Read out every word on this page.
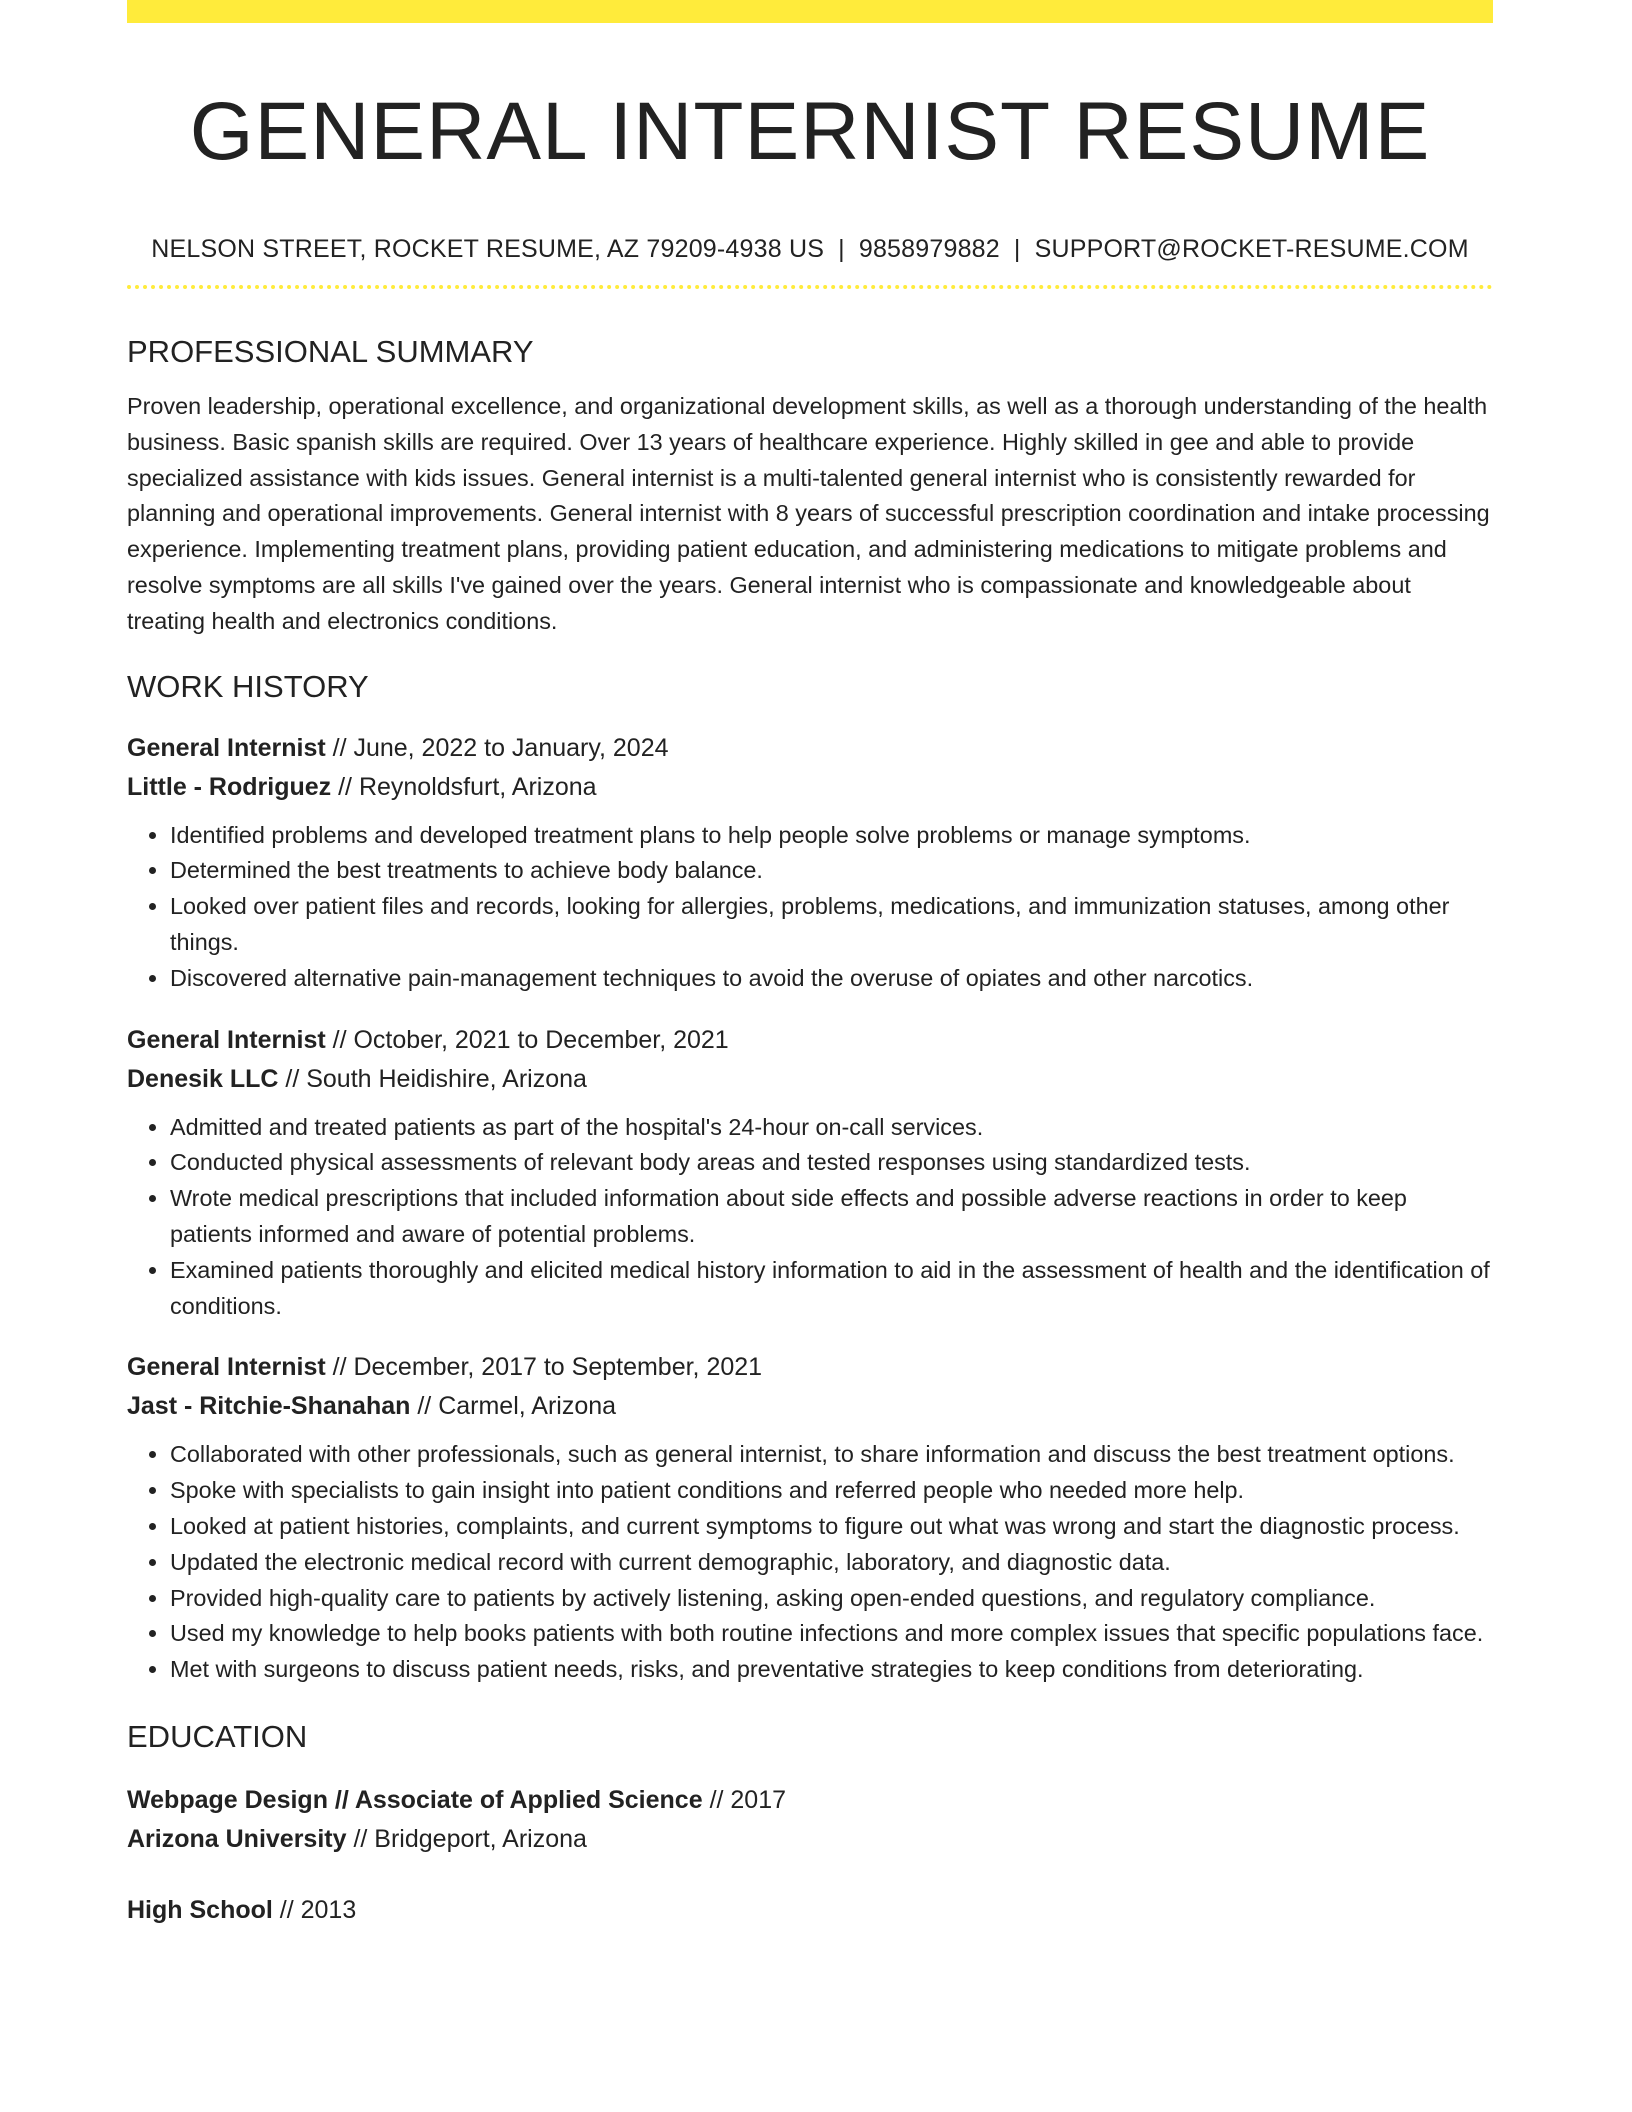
GENERAL INTERNIST RESUME
NELSON STREET, ROCKET RESUME, AZ 79209-4938 US | 9858979882 | SUPPORT@ROCKET-RESUME.COM
PROFESSIONAL SUMMARY

Proven leadership, operational excellence, and organizational development skills, as well as a thorough understanding of the health business. Basic spanish skills are required. Over 13 years of healthcare experience. Highly skilled in gee and able to provide specialized assistance with kids issues. General internist is a multi-talented general internist who is consistently rewarded for planning and operational improvements. General internist with 8 years of successful prescription coordination and intake processing experience. Implementing treatment plans, providing patient education, and administering medications to mitigate problems and resolve symptoms are all skills I've gained over the years. General internist who is compassionate and knowledgeable about treating health and electronics conditions.

WORK HISTORY
General Internist // June, 2022 to January, 2024
Little - Rodriguez // Reynoldsfurt, Arizona
• Identified problems and developed treatment plans to help people solve problems or manage symptoms.
• Determined the best treatments to achieve body balance.
• Looked over patient files and records, looking for allergies, problems, medications, and immunization statuses, among other things.
• Discovered alternative pain-management techniques to avoid the overuse of opiates and other narcotics.
General Internist // October, 2021 to December, 2021
Denesik LLC // South Heidishire, Arizona
• Admitted and treated patients as part of the hospital's 24-hour on-call services.
• Conducted physical assessments of relevant body areas and tested responses using standardized tests.
• Wrote medical prescriptions that included information about side effects and possible adverse reactions in order to keep patients informed and aware of potential problems.
• Examined patients thoroughly and elicited medical history information to aid in the assessment of health and the identification of conditions.
General Internist // December, 2017 to September, 2021
Jast - Ritchie-Shanahan // Carmel, Arizona
• Collaborated with other professionals, such as general internist, to share information and discuss the best treatment options.
• Spoke with specialists to gain insight into patient conditions and referred people who needed more help.
• Looked at patient histories, complaints, and current symptoms to figure out what was wrong and start the diagnostic process.
• Updated the electronic medical record with current demographic, laboratory, and diagnostic data.
• Provided high-quality care to patients by actively listening, asking open-ended questions, and regulatory compliance.
• Used my knowledge to help books patients with both routine infections and more complex issues that specific populations face.
• Met with surgeons to discuss patient needs, risks, and preventative strategies to keep conditions from deteriorating.
EDUCATION
Webpage Design // Associate of Applied Science // 2017
Arizona University // Bridgeport, Arizona
High School // 2013
